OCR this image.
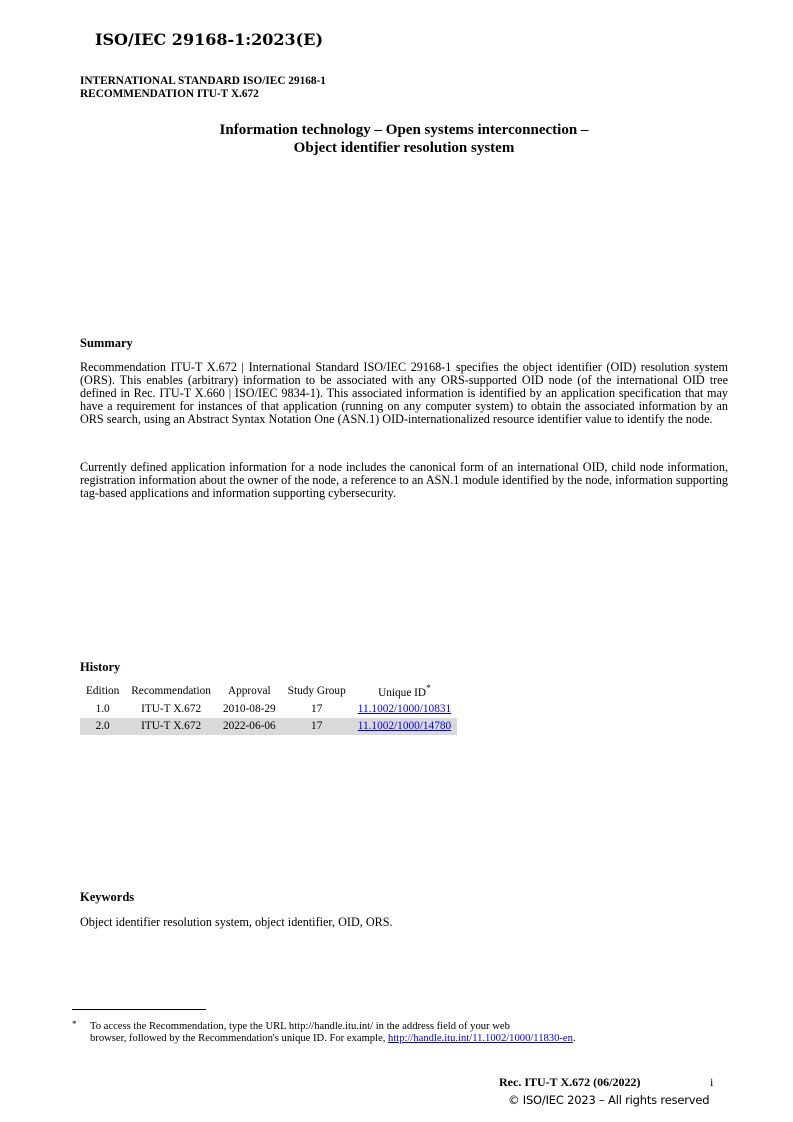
ISO/IEC 29168-1:2023(E)
INTERNATIONAL STANDARD ISO/IEC 29168-1
RECOMMENDATION ITU-T X.672
Information technology – Open systems interconnection –
Object identifier resolution system
Summary
Recommendation ITU-T X.672 | International Standard ISO/IEC 29168-1 specifies the object identifier (OID) resolution system (ORS). This enables (arbitrary) information to be associated with any ORS-supported OID node (of the international OID tree defined in Rec. ITU-T X.660 | ISO/IEC 9834-1). This associated information is identified by an application specification that may have a requirement for instances of that application (running on any computer system) to obtain the associated information by an ORS search, using an Abstract Syntax Notation One (ASN.1) OID-internationalized resource identifier value to identify the node.
Currently defined application information for a node includes the canonical form of an international OID, child node information, registration information about the owner of the node, a reference to an ASN.1 module identified by the node, information supporting tag-based applications and information supporting cybersecurity.
History
Edition	Recommendation	Approval	Study Group	Unique ID*
1.0	ITU-T X.672	2010-08-29	17	11.1002/1000/10831
2.0	ITU-T X.672	2022-06-06	17	11.1002/1000/14780
Keywords
Object identifier resolution system, object identifier, OID, ORS.
* To access the Recommendation, type the URL http://handle.itu.int/ in the address field of your web
browser, followed by the Recommendation's unique ID. For example, http://handle.itu.int/11.1002/1000/11830-en.
Rec. ITU-T X.672 (06/2022)	i
© ISO/IEC 2023 – All rights reserved
